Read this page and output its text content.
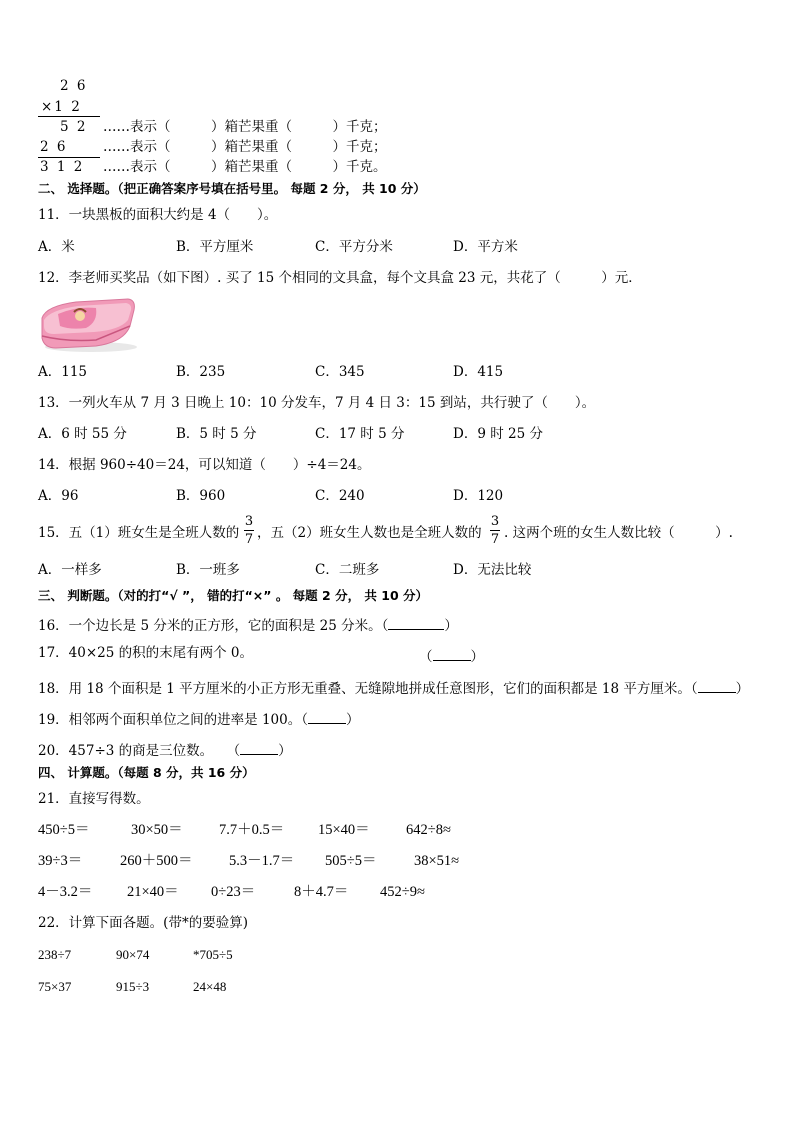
2 6
×1 2
5 2 ……表示（　　　）箱芒果重（　　　）千克；
2 6	……表示（　　　）箱芒果重（　　　）千克；
3 1 2 ……表示（　　　）箱芒果重（　　　）千克。
二、 选择题。（把正确答案序号填在括号里。 每题 2 分， 共 10 分）
11．一块黑板的面积大约是 4（　　）。
A．米	B．平方厘米	C．平方分米	D．平方米
12．李老师买奖品（如下图）. 买了 15 个相同的文具盒，每个文具盒 23 元，共花了（　　　）元．
A．115	B．235	C．345	D．415
13．一列火车从 7 月 3 日晚上 10：10 分发车，7 月 4 日 3：15 到站，共行驶了（　　）。
A．6 时 55 分	B．5 时 5 分	C．17 时 5 分	D．9 时 25 分
14．根据 960÷40＝24，可以知道（　　）÷4＝24。
A．96	B．960	C．240	D．120
15．五（1）班女生是全班人数的
3
7 ，五（2）班女生人数也是全班人数的
3
7 . 这两个班的女生人数比较（　　　）.
A．一样多	B．一班多	C．二班多	D．无法比较
三、 判断题。（对的打“√ ”， 错的打“×” 。 每题 2 分， 共 10 分）
16．一个边长是 5 分米的正方形，它的面积是 25 分米。（	）
17．40×25 的积的末尾有两个 0。	（	）
18．用 18 个面积是 1 平方厘米的小正方形无重叠、无缝隙地拼成任意图形，它们的面积都是 18 平方厘米。（	）
19．相邻两个面积单位之间的进率是 100。（	）
20．457÷3 的商是三位数。　　（	）
四、 计算题。（每题 8 分，共 16 分）
21．直接写得数。
450÷5＝	30×50＝	7.7＋0.5＝ 15×40＝	642÷8≈
39÷3＝	260＋500＝	5.3－1.7＝ 505÷5＝	38×51≈
4－3.2＝ 21×40＝ 0÷23＝	8＋4.7＝ 452÷9≈
22．计算下面各题。(带*的要验算)
238÷7	90×74	*705÷5
75×37	915÷3	24×48
